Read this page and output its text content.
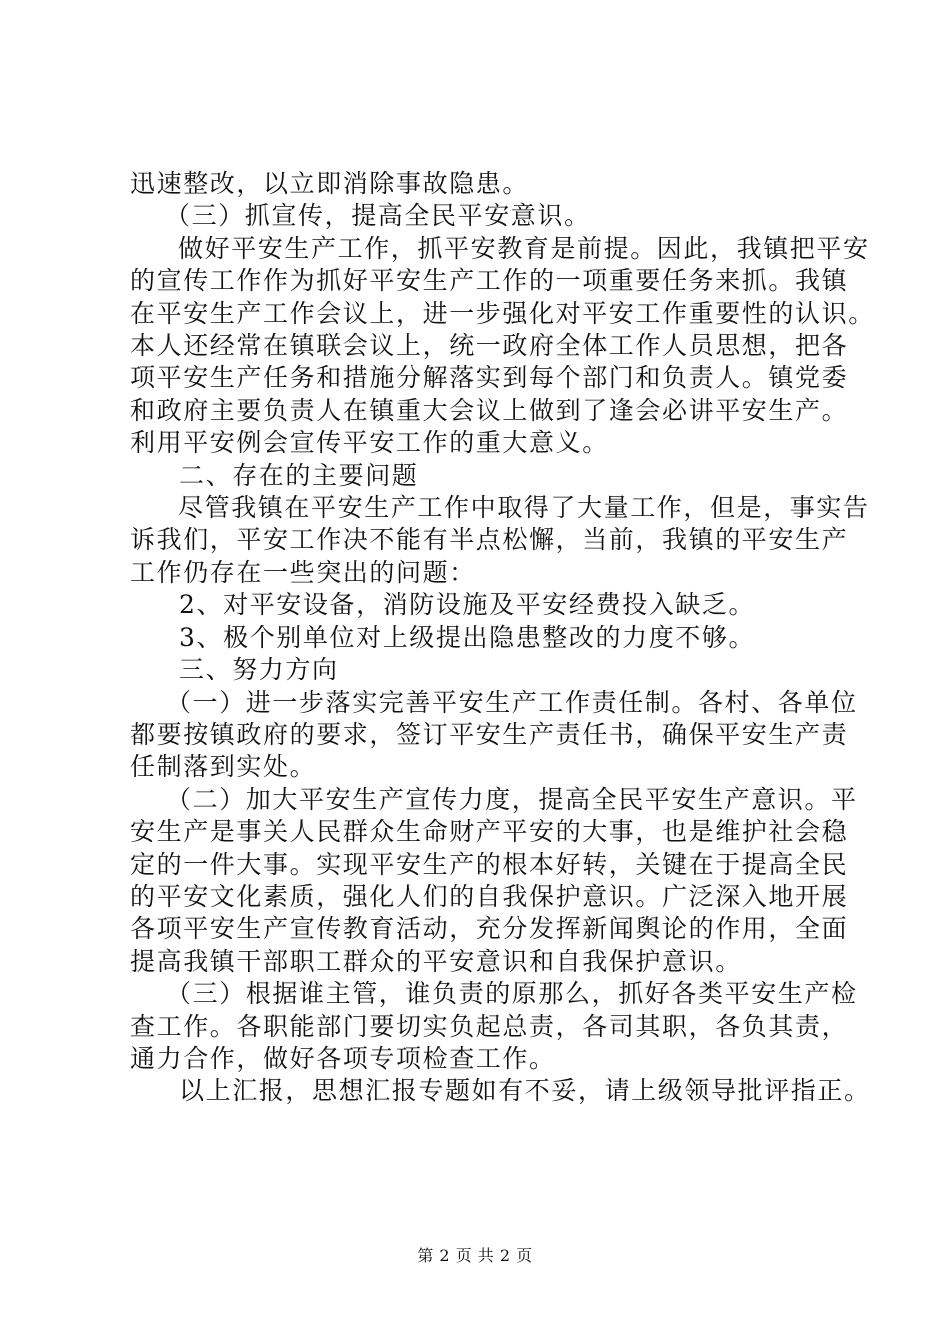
迅速整改，以立即消除事故隐患。
（三）抓宣传，提高全民平安意识。
做好平安生产工作，抓平安教育是前提。因此，我镇把平安
的宣传工作作为抓好平安生产工作的一项重要任务来抓。我镇
在平安生产工作会议上，进一步强化对平安工作重要性的认识。
本人还经常在镇联会议上，统一政府全体工作人员思想，把各
项平安生产任务和措施分解落实到每个部门和负责人。镇党委
和政府主要负责人在镇重大会议上做到了逢会必讲平安生产。
利用平安例会宣传平安工作的重大意义。
二、存在的主要问题
尽管我镇在平安生产工作中取得了大量工作，但是，事实告
诉我们，平安工作决不能有半点松懈，当前，我镇的平安生产
工作仍存在一些突出的问题：
2、对平安设备，消防设施及平安经费投入缺乏。
3、极个别单位对上级提出隐患整改的力度不够。
三、努力方向
（一）进一步落实完善平安生产工作责任制。各村、各单位
都要按镇政府的要求，签订平安生产责任书，确保平安生产责
任制落到实处。
（二）加大平安生产宣传力度，提高全民平安生产意识。平
安生产是事关人民群众生命财产平安的大事，也是维护社会稳
定的一件大事。实现平安生产的根本好转，关键在于提高全民
的平安文化素质，强化人们的自我保护意识。广泛深入地开展
各项平安生产宣传教育活动，充分发挥新闻舆论的作用，全面
提高我镇干部职工群众的平安意识和自我保护意识。
（三）根据谁主管，谁负责的原那么，抓好各类平安生产检
查工作。各职能部门要切实负起总责，各司其职，各负其责，
通力合作，做好各项专项检查工作。
以上汇报，思想汇报专题如有不妥，请上级领导批评指正。
第 2 页 共 2 页
